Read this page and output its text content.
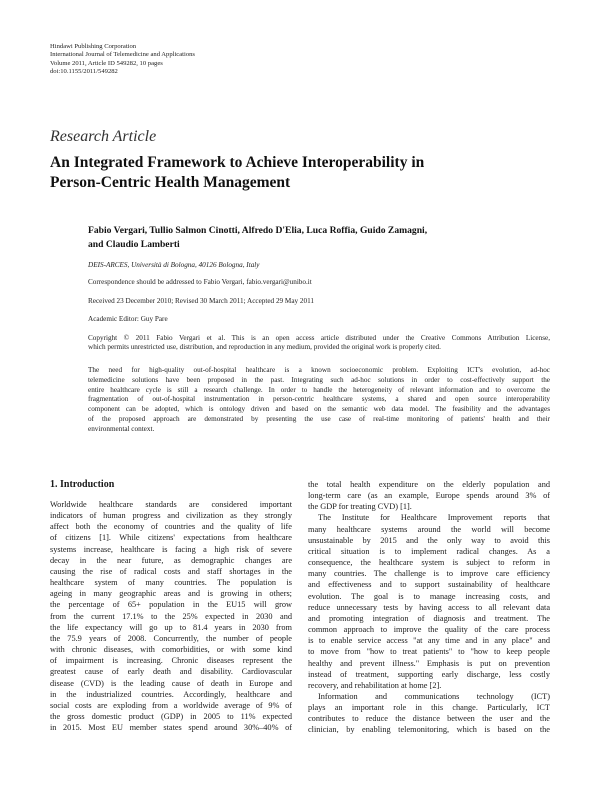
Hindawi Publishing Corporation
International Journal of Telemedicine and Applications
Volume 2011, Article ID 549282, 10 pages
doi:10.1155/2011/549282
Research Article
An Integrated Framework to Achieve Interoperability in
Person-Centric Health Management
Fabio Vergari, Tullio Salmon Cinotti, Alfredo D'Elia, Luca Roffia, Guido Zamagni,
and Claudio Lamberti
DEIS-ARCES, Università di Bologna, 40126 Bologna, Italy
Correspondence should be addressed to Fabio Vergari, fabio.vergari@unibo.it
Received 23 December 2010; Revised 30 March 2011; Accepted 29 May 2011
Academic Editor: Guy Pare
Copyright © 2011 Fabio Vergari et al. This is an open access article distributed under the Creative Commons Attribution License,
which permits unrestricted use, distribution, and reproduction in any medium, provided the original work is properly cited.
The need for high-quality out-of-hospital healthcare is a known socioeconomic problem. Exploiting ICT's evolution, ad-hoc
telemedicine solutions have been proposed in the past. Integrating such ad-hoc solutions in order to cost-effectively support the
entire healthcare cycle is still a research challenge. In order to handle the heterogeneity of relevant information and to overcome the
fragmentation of out-of-hospital instrumentation in person-centric healthcare systems, a shared and open source interoperability
component can be adopted, which is ontology driven and based on the semantic web data model. The feasibility and the advantages
of the proposed approach are demonstrated by presenting the use case of real-time monitoring of patients' health and their
environmental context.
1. Introduction
Worldwide healthcare standards are considered important
indicators of human progress and civilization as they strongly
affect both the economy of countries and the quality of life
of citizens [1]. While citizens' expectations from healthcare
systems increase, healthcare is facing a high risk of severe
decay in the near future, as demographic changes are
causing the rise of radical costs and staff shortages in the
healthcare system of many countries. The population is
ageing in many geographic areas and is growing in others;
the percentage of 65+ population in the EU15 will grow
from the current 17.1% to the 25% expected in 2030 and
the life expectancy will go up to 81.4 years in 2030 from
the 75.9 years of 2008. Concurrently, the number of people
with chronic diseases, with comorbidities, or with some kind
of impairment is increasing. Chronic diseases represent the
greatest cause of early death and disability. Cardiovascular
disease (CVD) is the leading cause of death in Europe and
in the industrialized countries. Accordingly, healthcare and
social costs are exploding from a worldwide average of 9% of
the gross domestic product (GDP) in 2005 to 11% expected
in 2015. Most EU member states spend around 30%–40% of
the total health expenditure on the elderly population and
long-term care (as an example, Europe spends around 3% of
the GDP for treating CVD) [1].
The Institute for Healthcare Improvement reports that
many healthcare systems around the world will become
unsustainable by 2015 and the only way to avoid this
critical situation is to implement radical changes. As a
consequence, the healthcare system is subject to reform in
many countries. The challenge is to improve care efficiency
and effectiveness and to support sustainability of healthcare
evolution. The goal is to manage increasing costs, and
reduce unnecessary tests by having access to all relevant data
and promoting integration of diagnosis and treatment. The
common approach to improve the quality of the care process
is to enable service access "at any time and in any place" and
to move from "how to treat patients" to "how to keep people
healthy and prevent illness." Emphasis is put on prevention
instead of treatment, supporting early discharge, less costly
recovery, and rehabilitation at home [2].
Information and communications technology (ICT)
plays an important role in this change. Particularly, ICT
contributes to reduce the distance between the user and the
clinician, by enabling telemonitoring, which is based on the
